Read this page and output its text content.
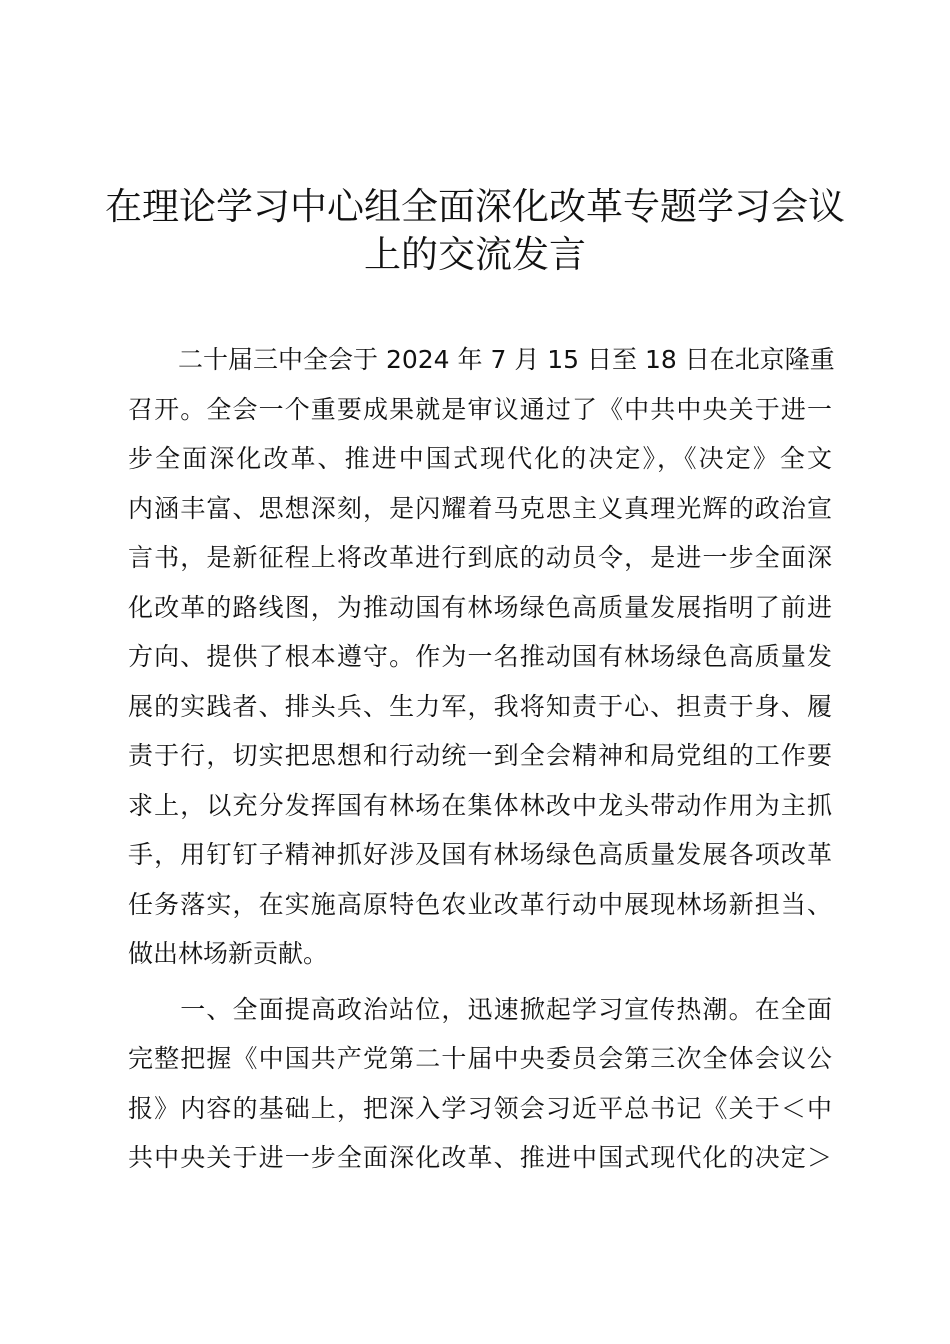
在理论学习中心组全面深化改革专题学习会议
上的交流发言

　　二十届三中全会于 2024 年 7 月 15 日至 18 日在北京隆重
召开。全会一个重要成果就是审议通过了《中共中央关于进一
步全面深化改革、推进中国式现代化的决定》，《决定》全文
内涵丰富、思想深刻，是闪耀着马克思主义真理光辉的政治宣
言书，是新征程上将改革进行到底的动员令，是进一步全面深
化改革的路线图，为推动国有林场绿色高质量发展指明了前进
方向、提供了根本遵守。作为一名推动国有林场绿色高质量发
展的实践者、排头兵、生力军，我将知责于心、担责于身、履
责于行，切实把思想和行动统一到全会精神和局党组的工作要
求上，以充分发挥国有林场在集体林改中龙头带动作用为主抓
手，用钉钉子精神抓好涉及国有林场绿色高质量发展各项改革
任务落实，在实施高原特色农业改革行动中展现林场新担当、
做出林场新贡献。

　　一、全面提高政治站位，迅速掀起学习宣传热潮。在全面
完整把握《中国共产党第二十届中央委员会第三次全体会议公
报》内容的基础上，把深入学习领会习近平总书记《关于＜中
共中央关于进一步全面深化改革、推进中国式现代化的决定＞
